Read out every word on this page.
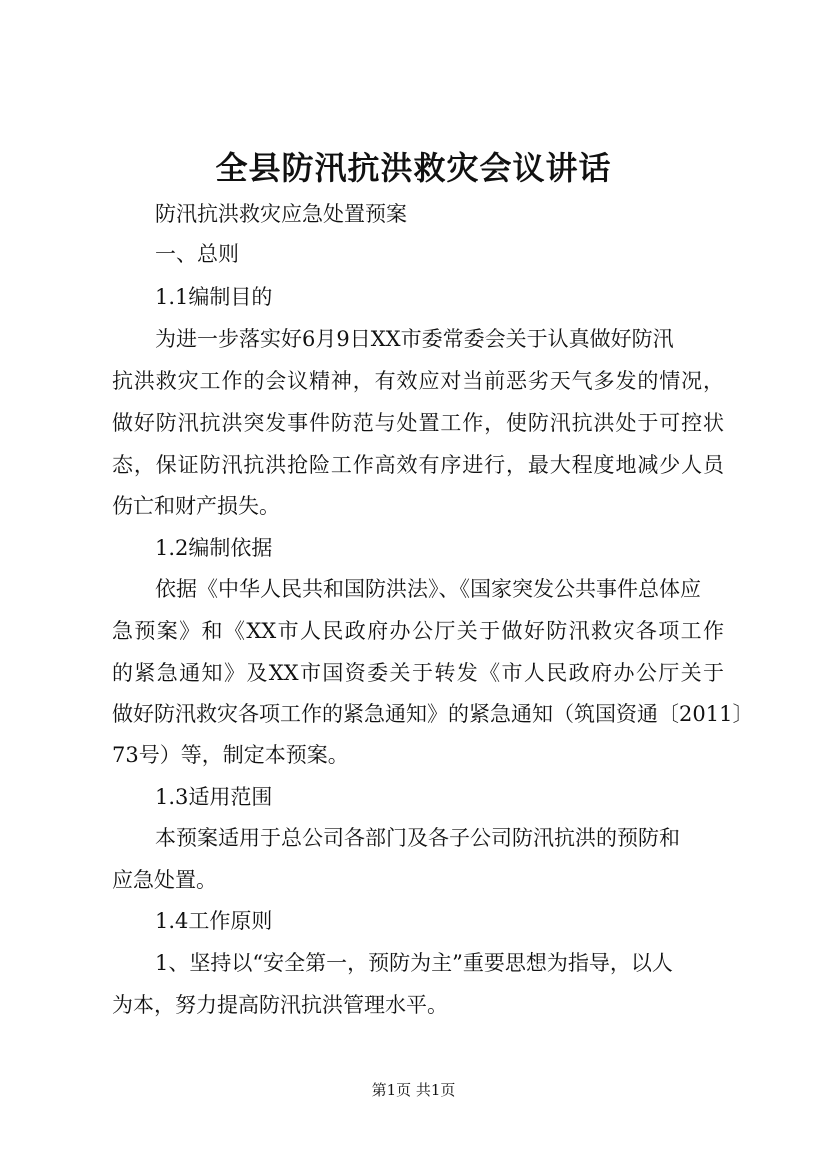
全县防汛抗洪救灾会议讲话
防汛抗洪救灾应急处置预案
一、总则
1.1编制目的
为进一步落实好6月9日XX市委常委会关于认真做好防汛
抗洪救灾工作的会议精神，有效应对当前恶劣天气多发的情况，
做好防汛抗洪突发事件防范与处置工作，使防汛抗洪处于可控状
态，保证防汛抗洪抢险工作高效有序进行，最大程度地减少人员
伤亡和财产损失。
1.2编制依据
依据《中华人民共和国防洪法》、《国家突发公共事件总体应
急预案》和《XX市人民政府办公厅关于做好防汛救灾各项工作
的紧急通知》及XX市国资委关于转发《市人民政府办公厅关于
做好防汛救灾各项工作的紧急通知》的紧急通知（筑国资通〔2011〕
73号）等，制定本预案。
1.3适用范围
本预案适用于总公司各部门及各子公司防汛抗洪的预防和
应急处置。
1.4工作原则
1、坚持以“安全第一，预防为主”重要思想为指导，以人
为本，努力提高防汛抗洪管理水平。
第1页 共1页
